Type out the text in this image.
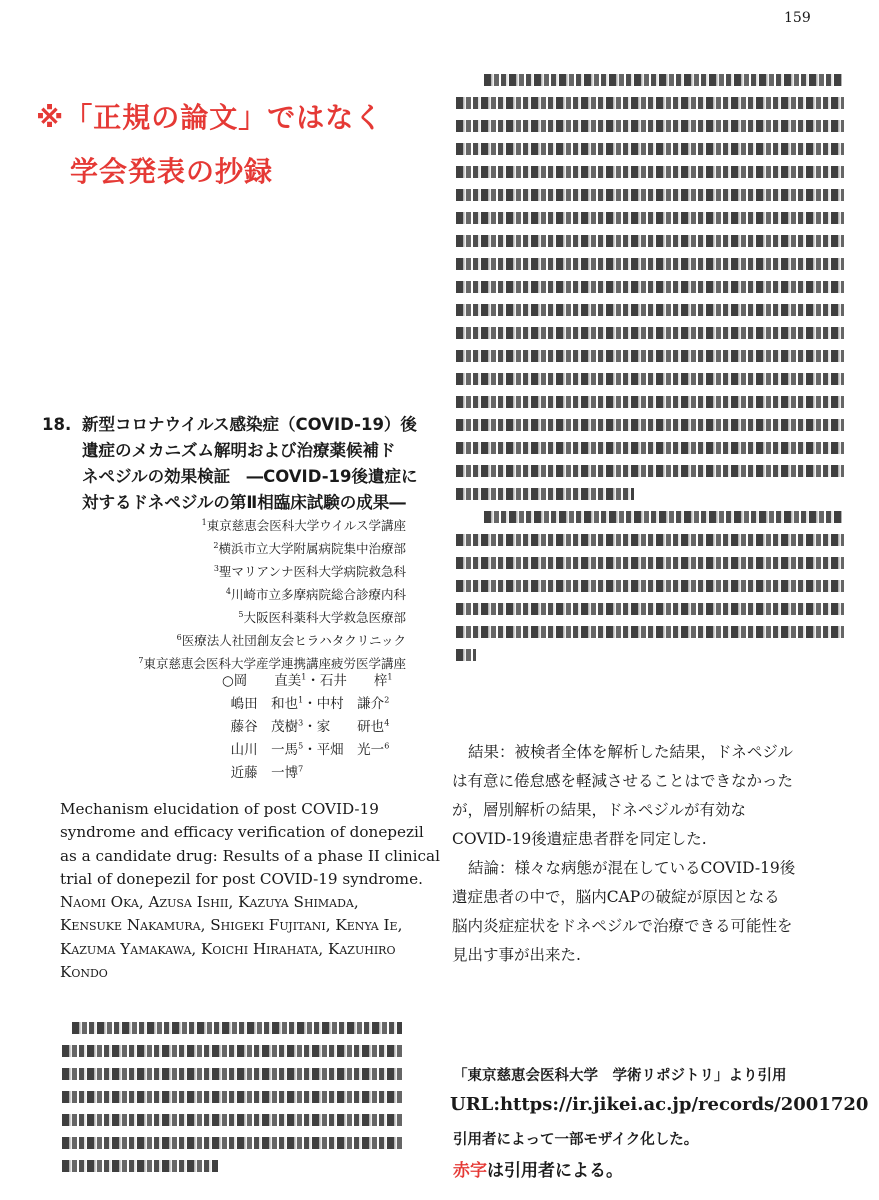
159
※「正規の論文」ではなく
学会発表の抄録
18. 新型コロナウイルス感染症（COVID-19）後
遺症のメカニズム解明および治療薬候補ド
ネペジルの効果検証　―COVID-19後遺症に
対するドネペジルの第Ⅱ相臨床試験の成果―
$^1$東京慈恵会医科大学ウイルス学講座
$^2$横浜市立大学附属病院集中治療部
$^3$聖マリアンナ医科大学病院救急科
$^4$川崎市立多摩病院総合診療内科
$^5$大阪医科薬科大学救急医療部
$^6$医療法人社団創友会ヒラハタクリニック
$^7$東京慈恵会医科大学産学連携講座疲労医学講座
○岡　　直美$^1$・石井　　梓$^1$
嶋田　和也$^1$・中村　謙介$^2$
藤谷　茂樹$^3$・家　　研也$^4$
山川　一馬$^5$・平畑　光一$^6$
近藤　一博$^7$
Mechanism elucidation of post COVID-19
syndrome and efficacy verification of donepezil
as a candidate drug: Results of a phase II clinical
trial of donepezil for post COVID-19 syndrome.
Naomi Oka, Azusa Ishii, Kazuya Shimada,
Kensuke Nakamura, Shigeki Fujitani, Kenya Ie,
Kazuma Yamakawa, Koichi Hirahata, Kazuhiro
Kondo
結果：被検者全体を解析した結果，ドネペジル
は有意に倦怠感を軽減させることはできなかった
が，層別解析の結果，ドネペジルが有効な
COVID-19後遺症患者群を同定した.
結論：様々な病態が混在しているCOVID-19後
遺症患者の中で，脳内CAPの破綻が原因となる
脳内炎症症状をドネペジルで治療できる可能性を
見出す事が出来た.
「東京慈恵会医科大学　学術リポジトリ」より引用
URL:https://ir.jikei.ac.jp/records/2001720
引用者によって一部モザイク化した。
赤字は引用者による。
